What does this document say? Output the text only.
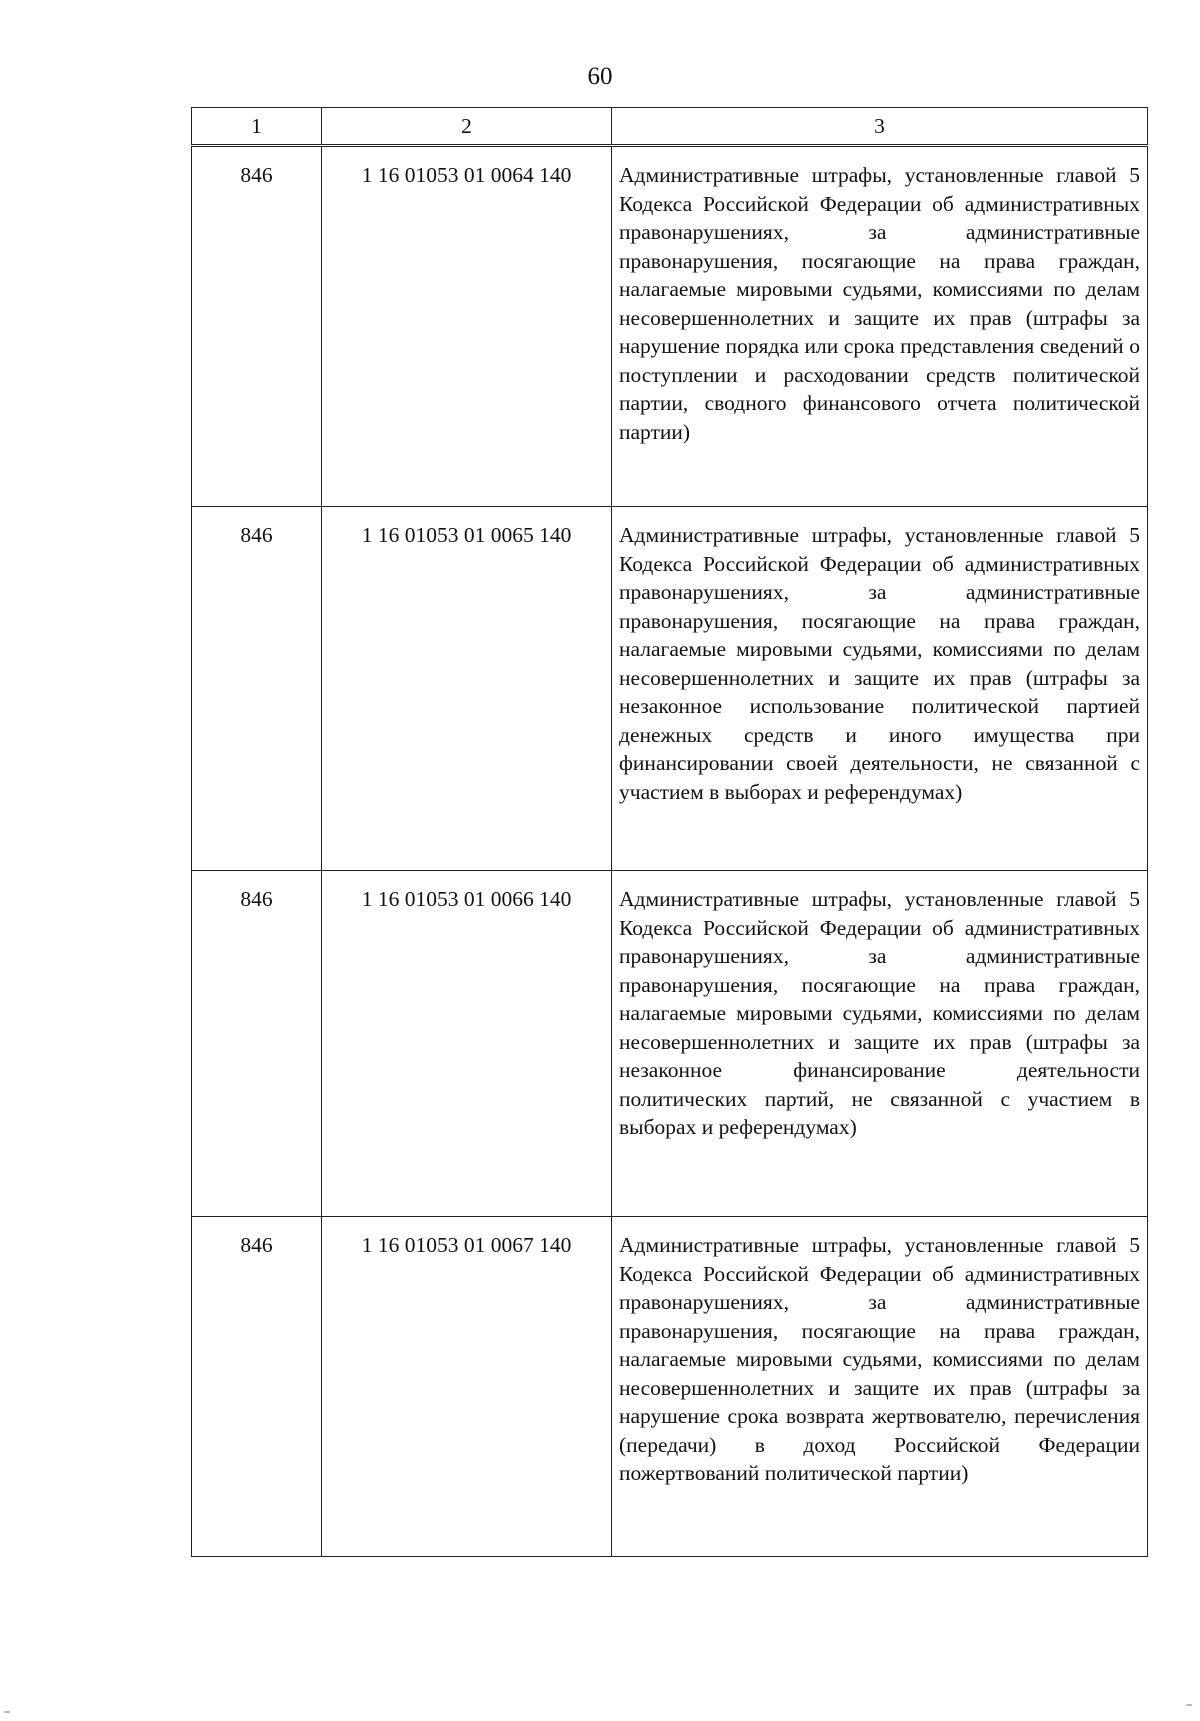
60
1	2	3
846	1 16 01053 01 0064 140	Административные штрафы, установленные главой 5 Кодекса Российской Федерации об административных правонарушениях, за административные правонарушения, посягающие на права граждан, налагаемые мировыми судьями, комиссиями по делам несовершеннолетних и защите их прав (штрафы за нарушение порядка или срока представления сведений о поступлении и расходовании средств политической партии, сводного финансового отчета политической партии)
846	1 16 01053 01 0065 140	Административные штрафы, установленные главой 5 Кодекса Российской Федерации об административных правонарушениях, за административные правонарушения, посягающие на права граждан, налагаемые мировыми судьями, комиссиями по делам несовершеннолетних и защите их прав (штрафы за незаконное использование политической партией денежных средств и иного имущества при финансировании своей деятельности, не связанной с участием в выборах и референдумах)
846	1 16 01053 01 0066 140	Административные штрафы, установленные главой 5 Кодекса Российской Федерации об административных правонарушениях, за административные правонарушения, посягающие на права граждан, налагаемые мировыми судьями, комиссиями по делам несовершеннолетних и защите их прав (штрафы за незаконное финансирование деятельности политических партий, не связанной с участием в выборах и референдумах)
846	1 16 01053 01 0067 140	Административные штрафы, установленные главой 5 Кодекса Российской Федерации об административных правонарушениях, за административные правонарушения, посягающие на права граждан, налагаемые мировыми судьями, комиссиями по делам несовершеннолетних и защите их прав (штрафы за нарушение срока возврата жертвователю, перечисления (передачи) в доход Российской Федерации пожертвований политической партии)
